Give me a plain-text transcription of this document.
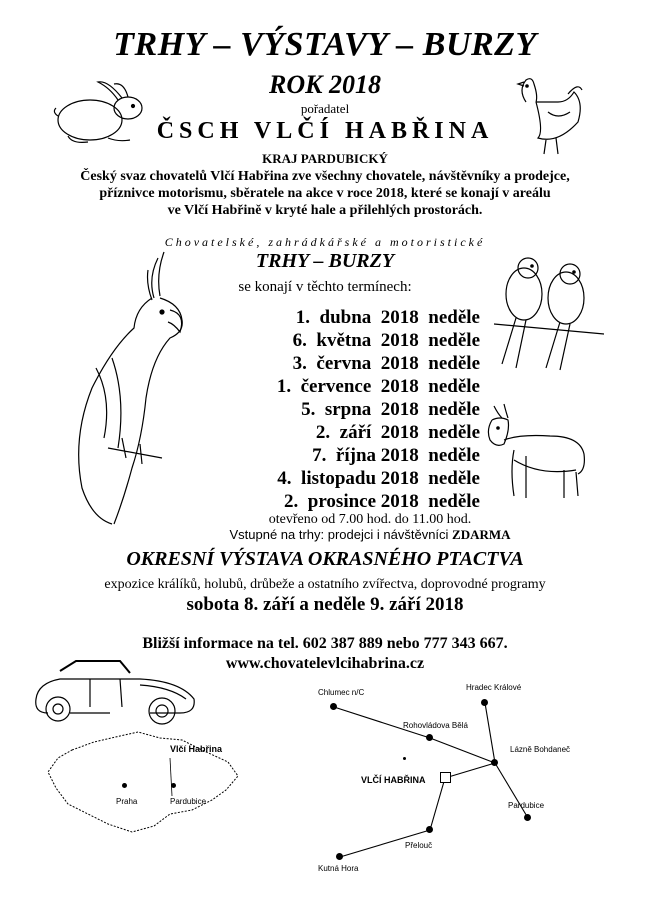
TRHY – VÝSTAVY – BURZY
ROK 2018
pořadatel
ČSCH VLČÍ HABŘINA
KRAJ PARDUBICKÝ
Český svaz chovatelů Vlčí Habřina zve všechny chovatele, návštěvníky a prodejce,
příznivce motorismu, sběratele na akce v roce 2018, které se konají v areálu
ve Vlčí Habřině v kryté hale a přilehlých prostorách.
Chovatelské, zahrádkářské a motoristické
TRHY – BURZY
se konají v těchto termínech:
1.  dubna  2018  neděle
6.  května  2018  neděle
3.  června  2018  neděle
1.  července  2018  neděle
5.  srpna  2018  neděle
2.  září  2018  neděle
7.  října 2018  neděle
4.  listopadu 2018  neděle
2.  prosince 2018  neděle
otevřeno od 7.00 hod. do 11.00 hod.
Vstupné na trhy: prodejci i návštěvníci ZDARMA
OKRESNÍ VÝSTAVA OKRASNÉHO PTACTVA
expozice králíků, holubů, drůbeže a ostatního zvířectva, doprovodné programy
sobota 8. září a neděle 9. září 2018
Bližší informace na tel. 602 387 889 nebo 777 343 667.
www.chovatelevlcihabrina.cz
Vlčí Habřina
Praha	Pardubice
Chlumec n/C
Hradec Králové
Rohovládova Bělá
Lázně Bohdaneč
VLČÍ HABŘINA
Pardubice
Přelouč
Kutná Hora
